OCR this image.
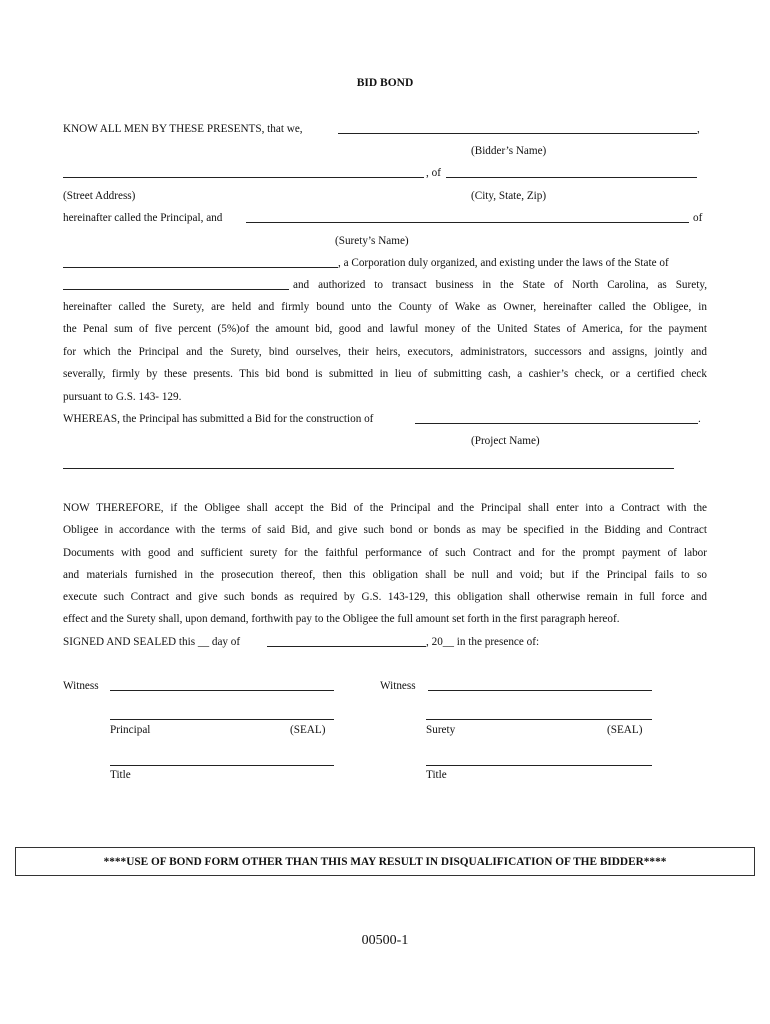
BID BOND
KNOW ALL MEN BY THESE PRESENTS, that we,	,
(Bidder’s Name)
, of
(Street Address)	(City, State, Zip)
hereinafter called the Principal, and	of
(Surety’s Name)
, a Corporation duly organized, and existing under the laws of the State of
and authorized to transact business in the State of North Carolina, as Surety,
hereinafter called the Surety, are held and firmly bound unto the County of Wake as Owner, hereinafter called the Obligee, in
the Penal sum of five percent (5%)of the amount bid, good and lawful money of the United States of America, for the payment
for which the Principal and the Surety, bind ourselves, their heirs, executors, administrators, successors and assigns, jointly and
severally, firmly by these presents. This bid bond is submitted in lieu of submitting cash, a cashier’s check, or a certified check
pursuant to G.S. 143- 129.
WHEREAS, the Principal has submitted a Bid for the construction of	.
(Project Name)
NOW THEREFORE, if the Obligee shall accept the Bid of the Principal and the Principal shall enter into a Contract with the
Obligee in accordance with the terms of said Bid, and give such bond or bonds as may be specified in the Bidding and Contract
Documents with good and sufficient surety for the faithful performance of such Contract and for the prompt payment of labor
and materials furnished in the prosecution thereof, then this obligation shall be null and void; but if the Principal fails to so
execute such Contract and give such bonds as required by G.S. 143-129, this obligation shall otherwise remain in full force and
effect and the Surety shall, upon demand, forthwith pay to the Obligee the full amount set forth in the first paragraph hereof.
SIGNED AND SEALED this __ day of	, 20__ in the presence of:
Witness	Witness
Principal	(SEAL)	Surety	(SEAL)
Title	Title
****USE OF BOND FORM OTHER THAN THIS MAY RESULT IN DISQUALIFICATION OF THE BIDDER****
00500-1
